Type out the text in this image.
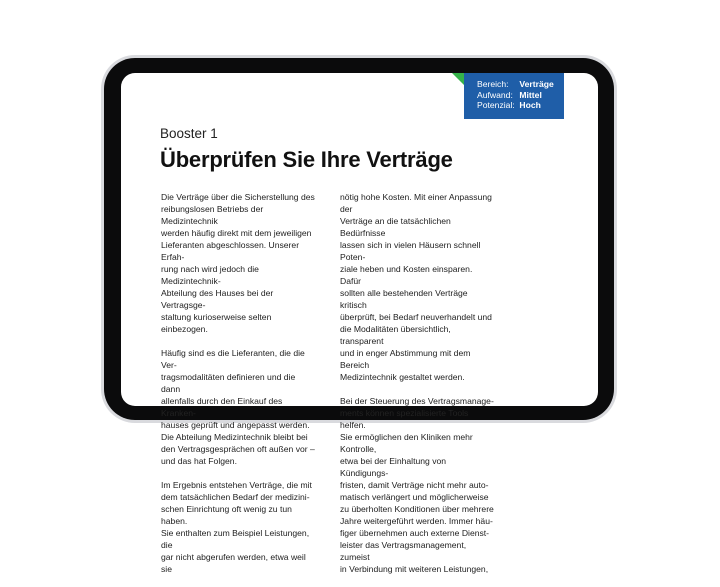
Bereich: Verträge
Aufwand: Mittel
Potenzial: Hoch
Booster 1
Überprüfen Sie Ihre Verträge

Die Verträge über die Sicherstellung des
reibungslosen Betriebs der Medizintechnik
werden häufig direkt mit dem jeweiligen
Lieferanten abgeschlossen. Unserer Erfah-
rung nach wird jedoch die Medizintechnik-
Abteilung des Hauses bei der Vertragsge-
staltung kurioserweise selten einbezogen.

Häufig sind es die Lieferanten, die die Ver-
tragsmodalitäten definieren und die dann
allenfalls durch den Einkauf des Kranken-
hauses geprüft und angepasst werden.
Die Abteilung Medizintechnik bleibt bei
den Vertragsgesprächen oft außen vor –
und das hat Folgen.

Im Ergebnis entstehen Verträge, die mit
dem tatsächlichen Bedarf der medizini-
schen Einrichtung oft wenig zu tun haben.
Sie enthalten zum Beispiel Leistungen, die
gar nicht abgerufen werden, etwa weil sie

nötig hohe Kosten. Mit einer Anpassung der
Verträge an die tatsächlichen Bedürfnisse
lassen sich in vielen Häusern schnell Poten-
ziale heben und Kosten einsparen. Dafür
sollten alle bestehenden Verträge kritisch
überprüft, bei Bedarf neuverhandelt und
die Modalitäten übersichtlich, transparent
und in enger Abstimmung mit dem Bereich
Medizintechnik gestaltet werden.

Bei der Steuerung des Vertragsmanage-
ments können spezialisierte Tools helfen.
Sie ermöglichen den Kliniken mehr Kontrolle,
etwa bei der Einhaltung von Kündigungs-
fristen, damit Verträge nicht mehr auto-
matisch verlängert und möglicherweise
zu überholten Konditionen über mehrere
Jahre weitergeführt werden. Immer häu-
figer übernehmen auch externe Dienst-
leister das Vertragsmanagement, zumeist
in Verbindung mit weiteren Leistungen,
